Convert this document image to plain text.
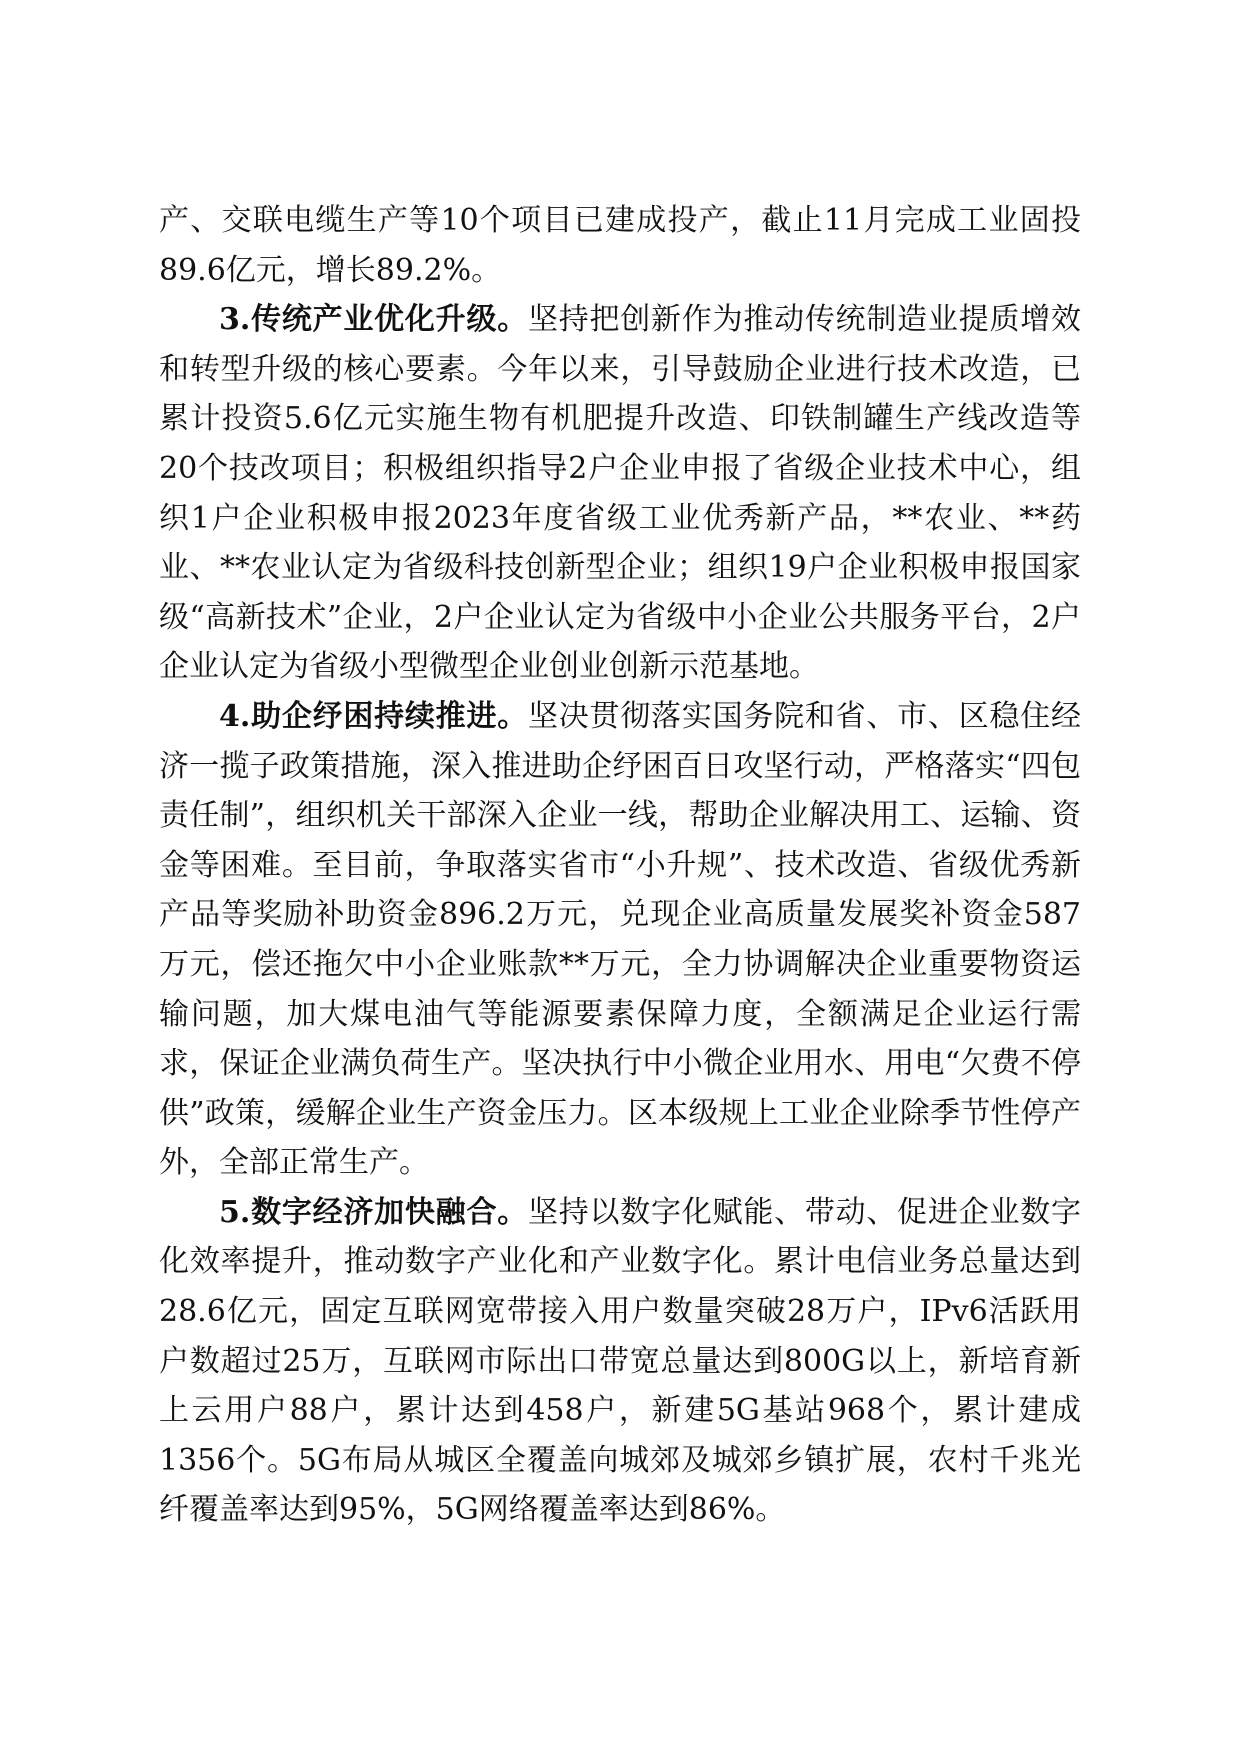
产、交联电缆生产等10个项目已建成投产，截止11月完成工业固投89.6亿元，增长89.2%。

3.传统产业优化升级。坚持把创新作为推动传统制造业提质增效和转型升级的核心要素。今年以来，引导鼓励企业进行技术改造，已累计投资5.6亿元实施生物有机肥提升改造、印铁制罐生产线改造等20个技改项目；积极组织指导2户企业申报了省级企业技术中心，组织1户企业积极申报2023年度省级工业优秀新产品，**农业、**药业、**农业认定为省级科技创新型企业；组织19户企业积极申报国家级“高新技术”企业，2户企业认定为省级中小企业公共服务平台，2户企业认定为省级小型微型企业创业创新示范基地。

4.助企纾困持续推进。坚决贯彻落实国务院和省、市、区稳住经济一揽子政策措施，深入推进助企纾困百日攻坚行动，严格落实“四包责任制”，组织机关干部深入企业一线，帮助企业解决用工、运输、资金等困难。至目前，争取落实省市“小升规”、技术改造、省级优秀新产品等奖励补助资金896.2万元，兑现企业高质量发展奖补资金587万元，偿还拖欠中小企业账款**万元，全力协调解决企业重要物资运输问题，加大煤电油气等能源要素保障力度，全额满足企业运行需求，保证企业满负荷生产。坚决执行中小微企业用水、用电“欠费不停供”政策，缓解企业生产资金压力。区本级规上工业企业除季节性停产外，全部正常生产。

5.数字经济加快融合。坚持以数字化赋能、带动、促进企业数字化效率提升，推动数字产业化和产业数字化。累计电信业务总量达到28.6亿元，固定互联网宽带接入用户数量突破28万户，IPv6活跃用户数超过25万，互联网市际出口带宽总量达到800G以上，新培育新上云用户88户，累计达到458户，新建5G基站968个，累计建成1356个。5G布局从城区全覆盖向城郊及城郊乡镇扩展，农村千兆光纤覆盖率达到95%，5G网络覆盖率达到86%。
